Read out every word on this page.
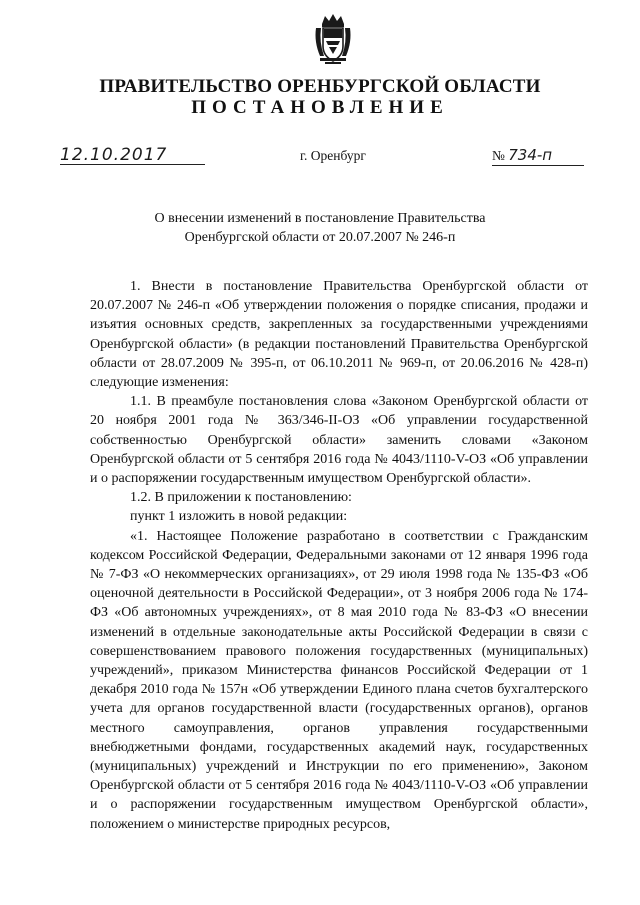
ПРАВИТЕЛЬСТВО ОРЕНБУРГСКОЙ ОБЛАСТИ
ПОСТАНОВЛЕНИЕ
12.10.2017	г. Оренбург	№ 734-п
О внесении изменений в постановление Правительства
Оренбургской области от 20.07.2007 № 246-п

1. Внести в постановление Правительства Оренбургской области от 20.07.2007 № 246-п «Об утверждении положения о порядке списания, продажи и изъятия основных средств, закрепленных за государственными учреждениями Оренбургской области» (в редакции постановлений Правительства Оренбургской области от 28.07.2009 № 395-п, от 06.10.2011 № 969-п, от 20.06.2016 № 428-п) следующие изменения:

1.1. В преамбуле постановления слова «Законом Оренбургской области от 20 ноября 2001 года № 363/346-II-ОЗ «Об управлении государственной собственностью Оренбургской области» заменить словами «Законом Оренбургской области от 5 сентября 2016 года № 4043/1110-V-ОЗ «Об управлении и о распоряжении государственным имуществом Оренбургской области».

1.2. В приложении к постановлению:

пункт 1 изложить в новой редакции:

«1. Настоящее Положение разработано в соответствии с Гражданским кодексом Российской Федерации, Федеральными законами от 12 января 1996 года № 7-ФЗ «О некоммерческих организациях», от 29 июля 1998 года № 135-ФЗ «Об оценочной деятельности в Российской Федерации», от 3 ноября 2006 года № 174-ФЗ «Об автономных учреждениях», от 8 мая 2010 года № 83-ФЗ «О внесении изменений в отдельные законодательные акты Российской Федерации в связи с совершенствованием правового положения государственных (муниципальных) учреждений», приказом Министерства финансов Российской Федерации от 1 декабря 2010 года № 157н «Об утверждении Единого плана счетов бухгалтерского учета для органов государственной власти (государственных органов), органов местного самоуправления, органов управления государственными внебюджетными фондами, государственных академий наук, государственных (муниципальных) учреждений и Инструкции по его применению», Законом Оренбургской области от 5 сентября 2016 года № 4043/1110-V-ОЗ «Об управлении и о распоряжении государственным имуществом Оренбургской области», положением о министерстве природных ресурсов,
